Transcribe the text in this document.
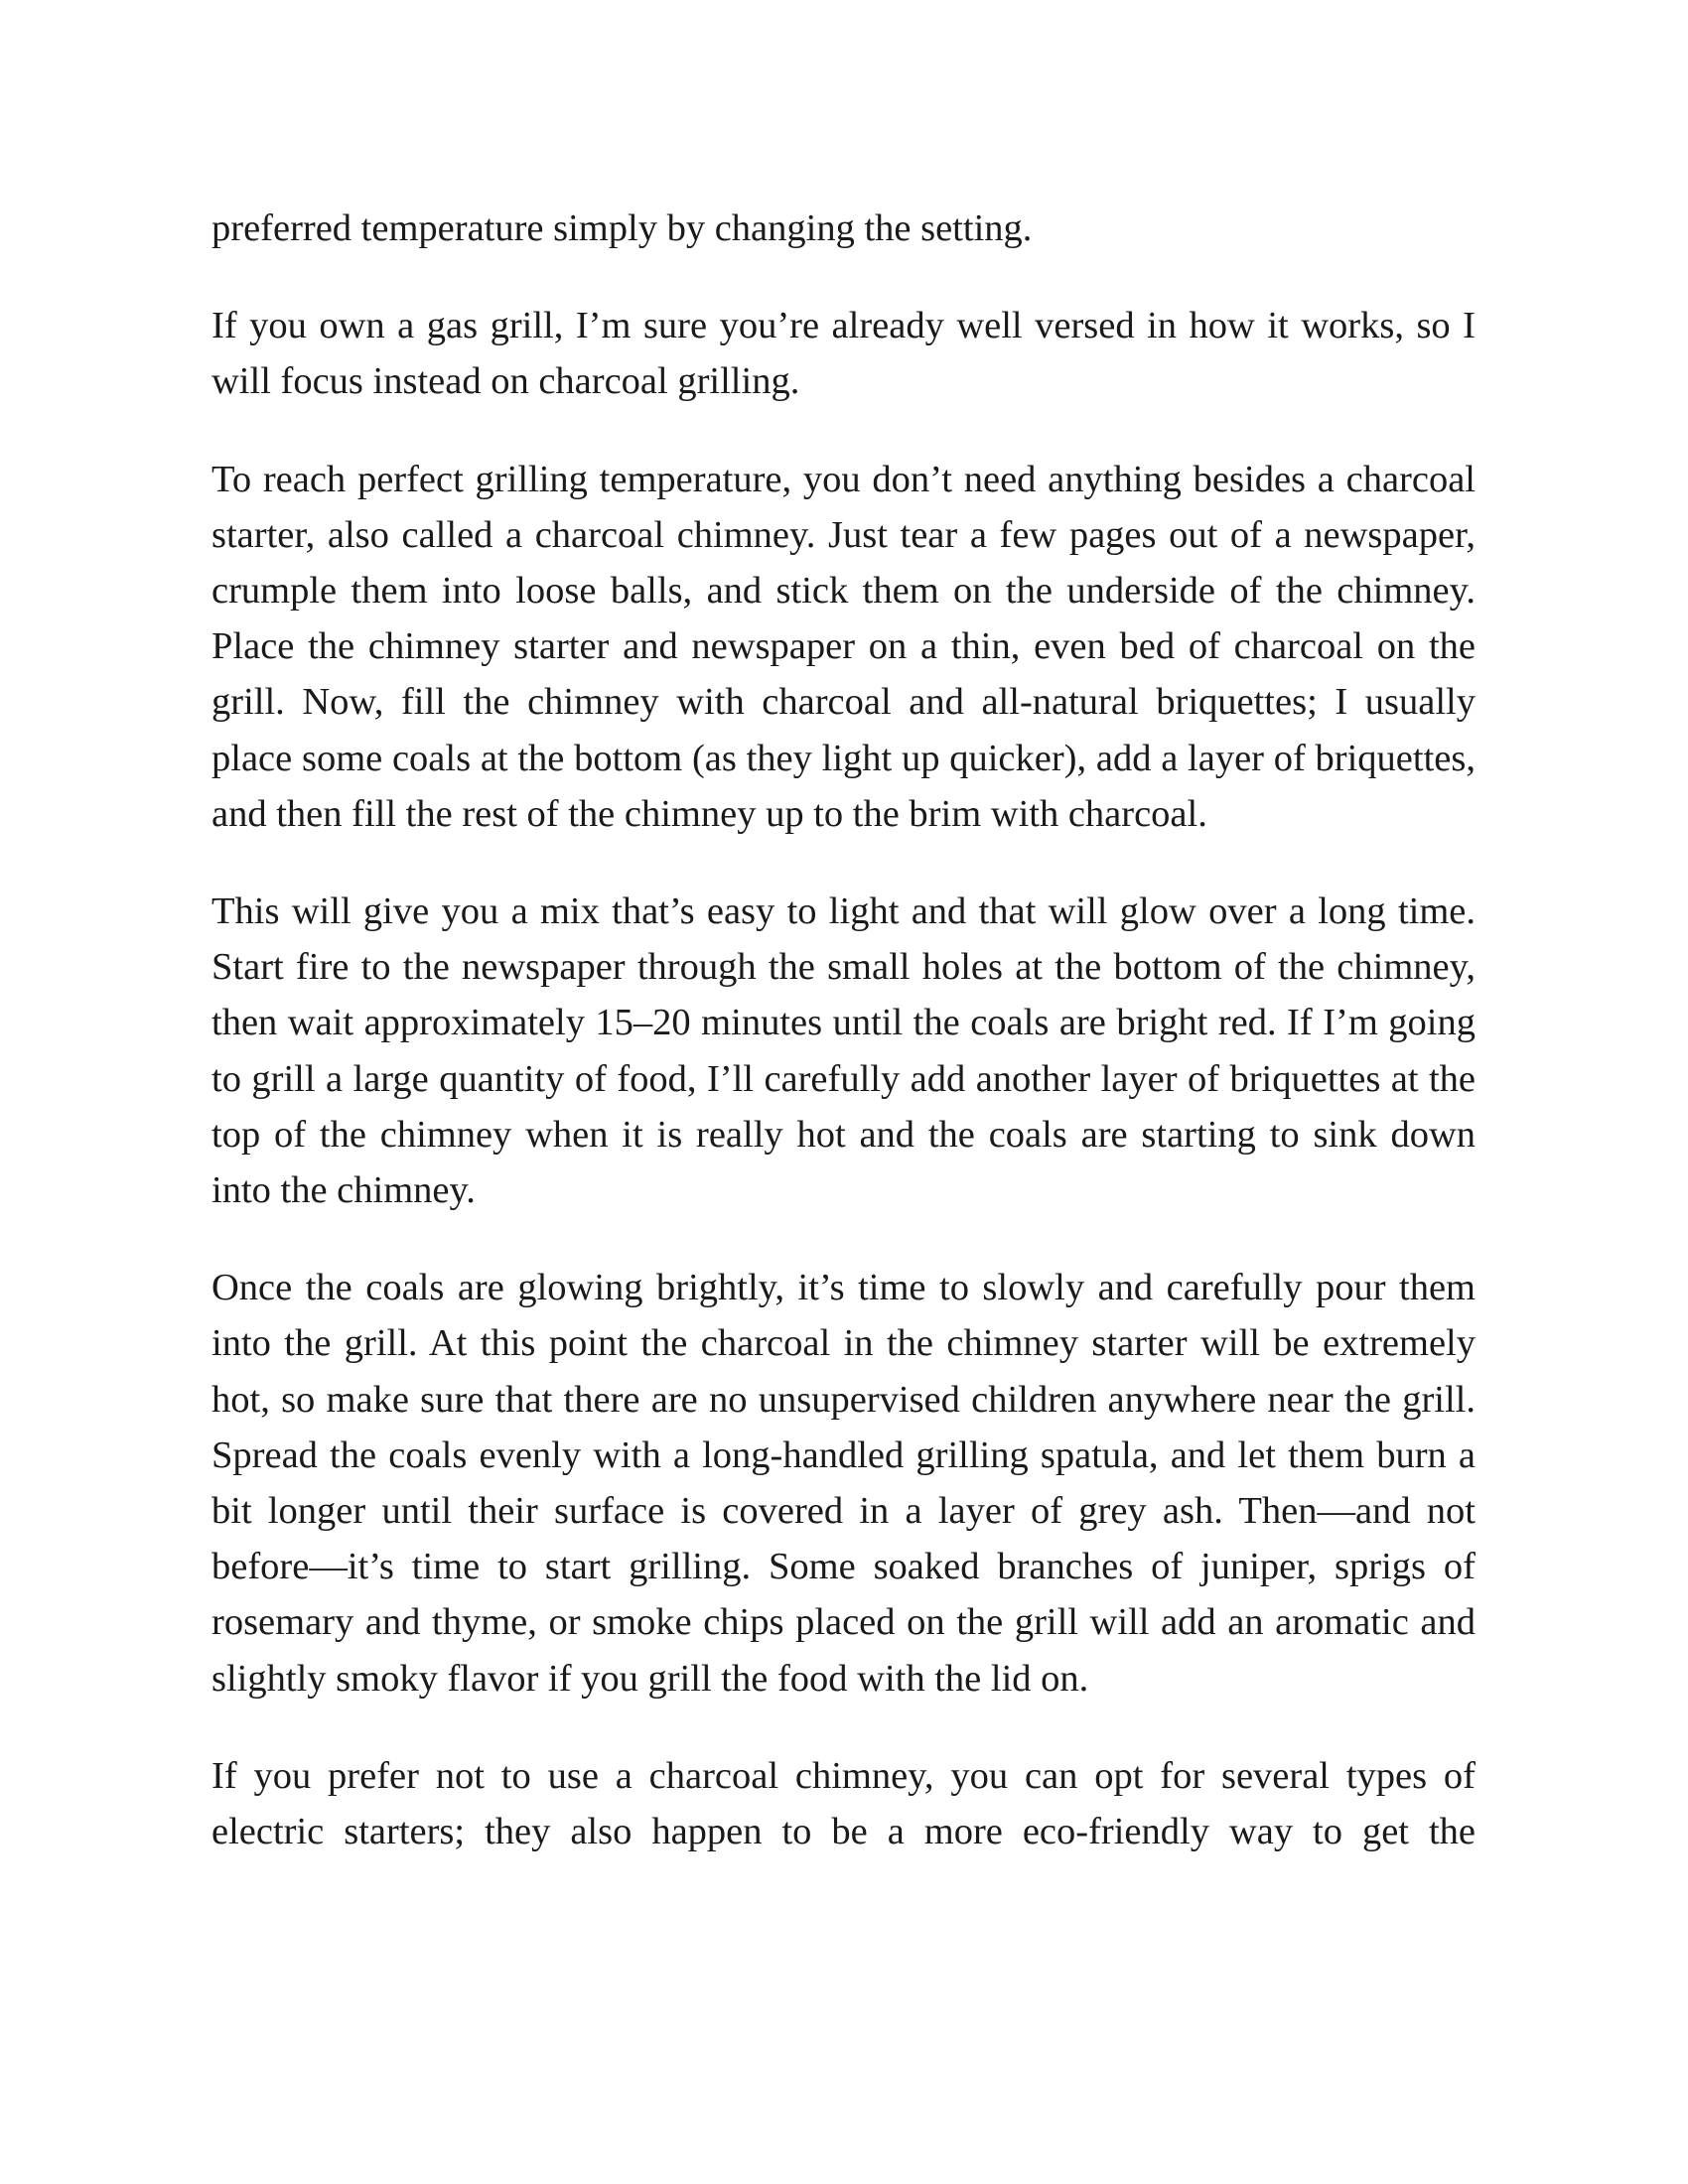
preferred temperature simply by changing the setting.

If you own a gas grill, I’m sure you’re already well versed in how it works, so I will focus instead on charcoal grilling.

To reach perfect grilling temperature, you don’t need anything besides a charcoal starter, also called a charcoal chimney. Just tear a few pages out of a newspaper, crumple them into loose balls, and stick them on the underside of the chimney. Place the chimney starter and newspaper on a thin, even bed of charcoal on the grill. Now, fill the chimney with charcoal and all-natural briquettes; I usually place some coals at the bottom (as they light up quicker), add a layer of briquettes, and then fill the rest of the chimney up to the brim with charcoal.

This will give you a mix that’s easy to light and that will glow over a long time. Start fire to the newspaper through the small holes at the bottom of the chimney, then wait approximately 15–20 minutes until the coals are bright red. If I’m going to grill a large quantity of food, I’ll carefully add another layer of briquettes at the top of the chimney when it is really hot and the coals are starting to sink down into the chimney.

Once the coals are glowing brightly, it’s time to slowly and carefully pour them into the grill. At this point the charcoal in the chimney starter will be extremely hot, so make sure that there are no unsupervised children anywhere near the grill. Spread the coals evenly with a long-handled grilling spatula, and let them burn a bit longer until their surface is covered in a layer of grey ash. Then—and not before—it’s time to start grilling. Some soaked branches of juniper, sprigs of rosemary and thyme, or smoke chips placed on the grill will add an aromatic and slightly smoky flavor if you grill the food with the lid on.

If you prefer not to use a charcoal chimney, you can opt for several types of electric starters; they also happen to be a more eco-friendly way to get the
